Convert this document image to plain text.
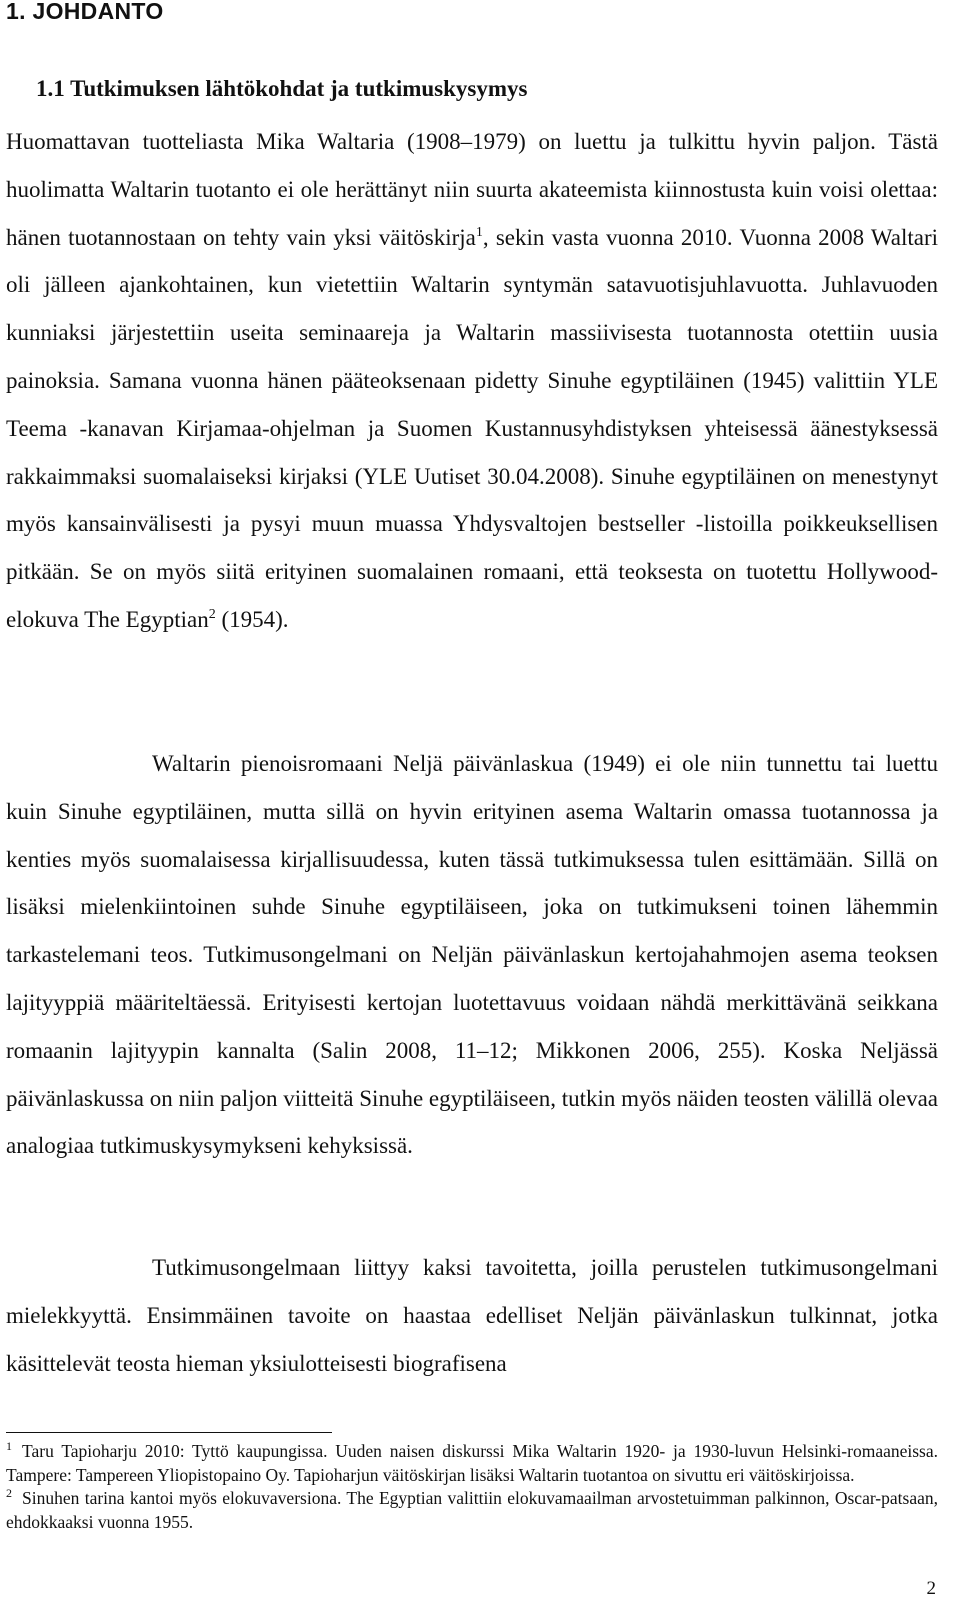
1. JOHDANTO
1.1 Tutkimuksen lähtökohdat ja tutkimuskysymys

Huomattavan tuotteliasta Mika Waltaria (1908–1979) on luettu ja tulkittu hyvin paljon. Tästä huolimatta Waltarin tuotanto ei ole herättänyt niin suurta akateemista kiinnostusta kuin voisi olettaa: hänen tuotannostaan on tehty vain yksi väitöskirja$^1$, sekin vasta vuonna 2010. Vuonna 2008 Waltari oli jälleen ajankohtainen, kun vietettiin Waltarin syntymän satavuotisjuhlavuotta. Juhlavuoden kunniaksi järjestettiin useita seminaareja ja Waltarin massiivisesta tuotannosta otettiin uusia painoksia. Samana vuonna hänen pääteoksenaan pidetty Sinuhe egyptiläinen (1945) valittiin YLE Teema -kanavan Kirjamaa-ohjelman ja Suomen Kustannusyhdistyksen yhteisessä äänestyksessä rakkaimmaksi suomalaiseksi kirjaksi (YLE Uutiset 30.04.2008). Sinuhe egyptiläinen on menestynyt myös kansainvälisesti ja pysyi muun muassa Yhdysvaltojen bestseller -listoilla poikkeuksellisen pitkään. Se on myös siitä erityinen suomalainen romaani, että teoksesta on tuotettu Hollywood-elokuva The Egyptian$^2$ (1954).

Waltarin pienoisromaani Neljä päivänlaskua (1949) ei ole niin tunnettu tai luettu kuin Sinuhe egyptiläinen, mutta sillä on hyvin erityinen asema Waltarin omassa tuotannossa ja kenties myös suomalaisessa kirjallisuudessa, kuten tässä tutkimuksessa tulen esittämään. Sillä on lisäksi mielenkiintoinen suhde Sinuhe egyptiläiseen, joka on tutkimukseni toinen lähemmin tarkastelemani teos. Tutkimusongelmani on Neljän päivänlaskun kertojahahmojen asema teoksen lajityyppiä määriteltäessä. Erityisesti kertojan luotettavuus voidaan nähdä merkittävänä seikkana romaanin lajityypin kannalta (Salin 2008, 11–12; Mikkonen 2006, 255). Koska Neljässä päivänlaskussa on niin paljon viitteitä Sinuhe egyptiläiseen, tutkin myös näiden teosten välillä olevaa analogiaa tutkimuskysymykseni kehyksissä.

Tutkimusongelmaan liittyy kaksi tavoitetta, joilla perustelen tutkimusongelmani mielekkyyttä. Ensimmäinen tavoite on haastaa edelliset Neljän päivänlaskun tulkinnat, jotka käsittelevät teosta hieman yksiulotteisesti biografisena

$^1$ Taru Tapioharju 2010: Tyttö kaupungissa. Uuden naisen diskurssi Mika Waltarin 1920- ja 1930-luvun Helsinki-romaaneissa. Tampere: Tampereen Yliopistopaino Oy. Tapioharjun väitöskirjan lisäksi Waltarin tuotantoa on sivuttu eri väitöskirjoissa.

$^2$ Sinuhen tarina kantoi myös elokuvaversiona. The Egyptian valittiin elokuvamaailman arvostetuimman palkinnon, Oscar-patsaan, ehdokkaaksi vuonna 1955.

2
